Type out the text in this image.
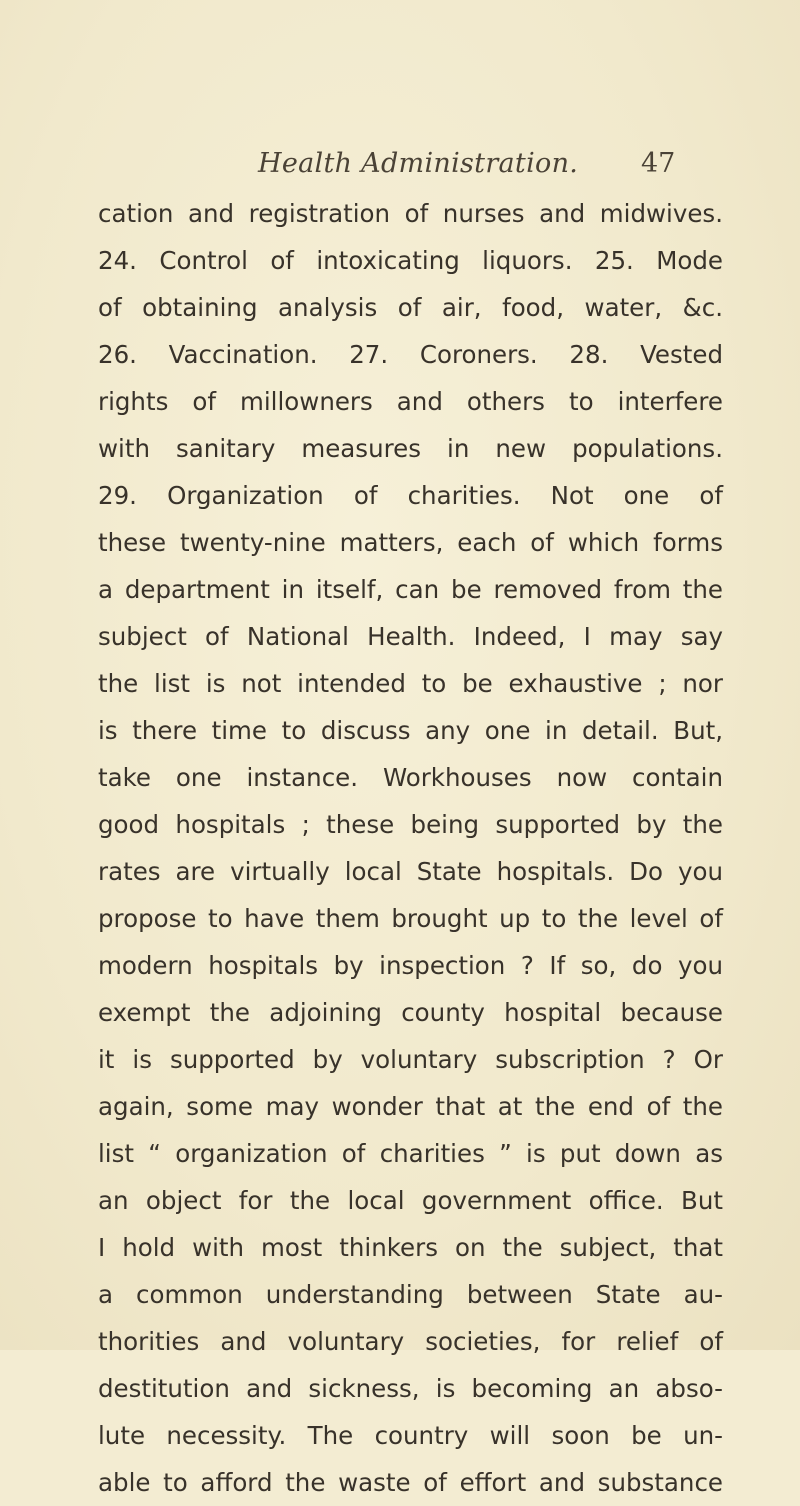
Health Administration. 47
cation and registration of nurses and midwives.
24. Control of intoxicating liquors. 25. Mode
of obtaining analysis of air, food, water, &c.
26. Vaccination. 27. Coroners. 28. Vested
rights of millowners and others to interfere
with sanitary measures in new populations.
29. Organization of charities. Not one of
these twenty-nine matters, each of which forms
a department in itself, can be removed from the
subject of National Health. Indeed, I may say
the list is not intended to be exhaustive ; nor
is there time to discuss any one in detail. But,
take one instance. Workhouses now contain
good hospitals ; these being supported by the
rates are virtually local State hospitals. Do you
propose to have them brought up to the level of
modern hospitals by inspection ? If so, do you
exempt the adjoining county hospital because
it is supported by voluntary subscription ? Or
again, some may wonder that at the end of the
list “ organization of charities ” is put down as
an object for the local government office. But
I hold with most thinkers on the subject, that
a common understanding between State au-
thorities and voluntary societies, for relief of
destitution and sickness, is becoming an abso-
lute necessity. The country will soon be un-
able to afford the waste of effort and substance
